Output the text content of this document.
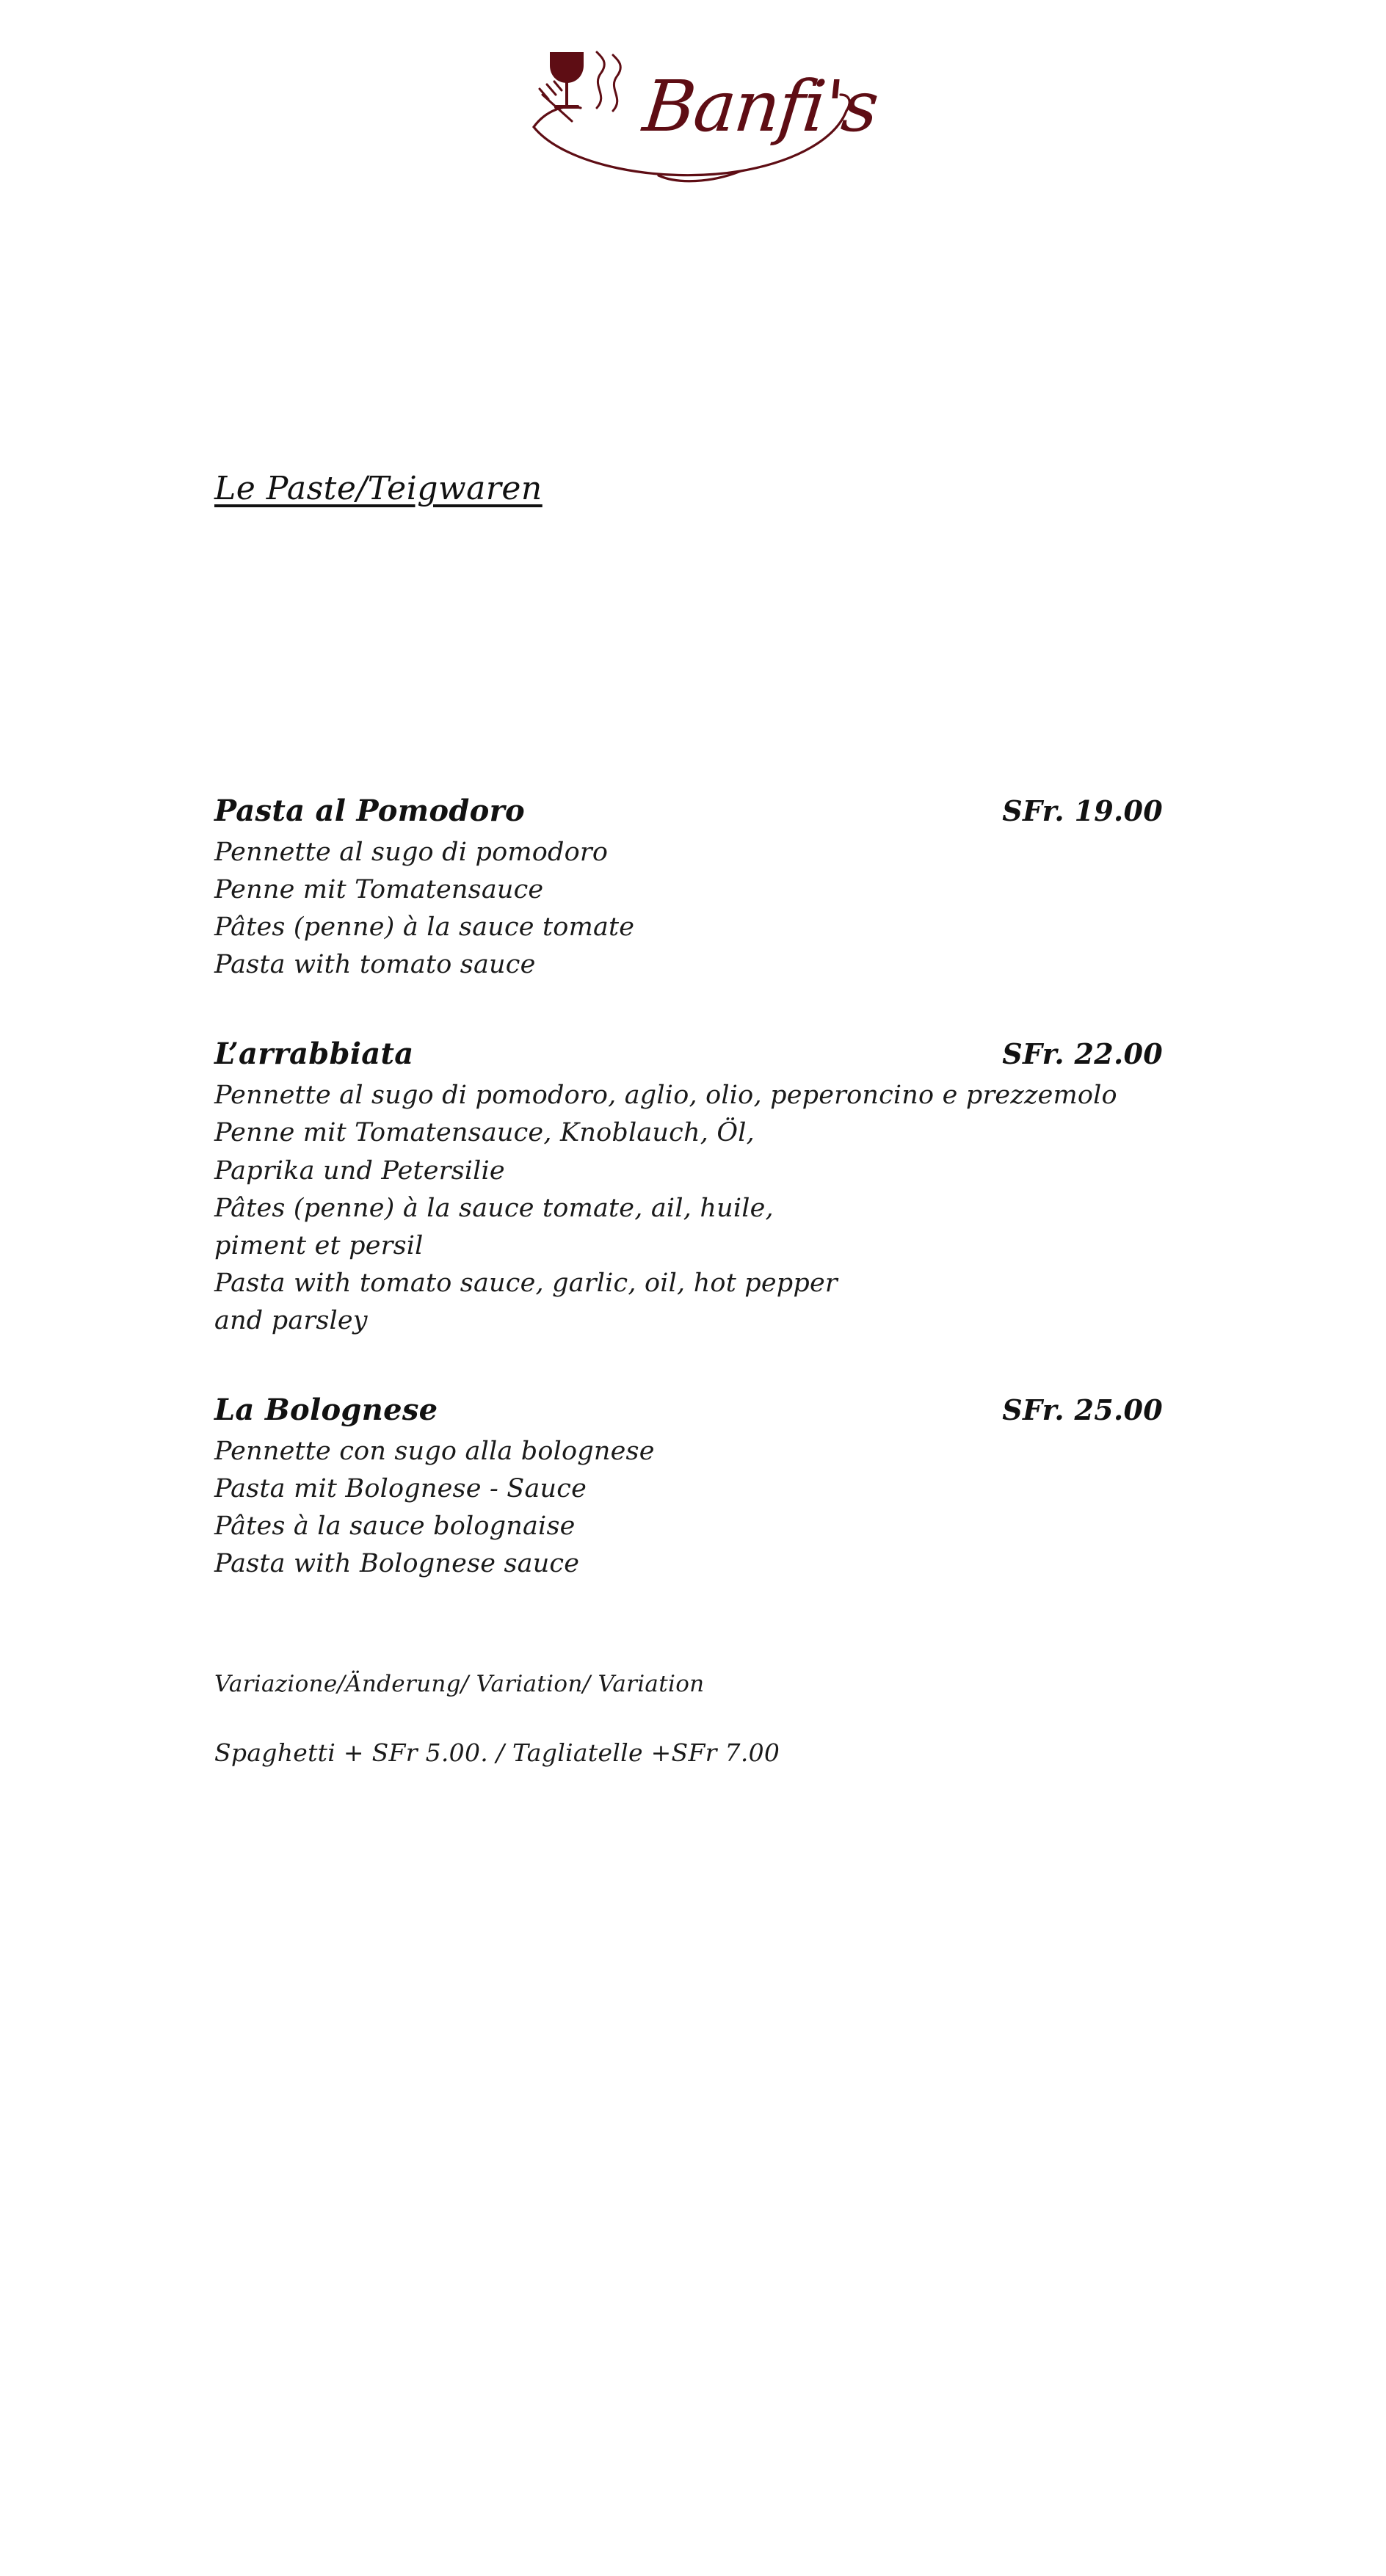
Banfi's
Le Paste/Teigwaren
Pasta al Pomodoro	SFr. 19.00
Pennette al sugo di pomodoro
Penne mit Tomatensauce
Pâtes (penne) à la sauce tomate
Pasta with tomato sauce
L’arrabbiata	SFr. 22.00
Pennette al sugo di pomodoro, aglio, olio, peperoncino e prezzemolo
Penne mit Tomatensauce, Knoblauch, Öl,
Paprika und Petersilie
Pâtes (penne) à la sauce tomate, ail, huile,
piment et persil
Pasta with tomato sauce, garlic, oil, hot pepper
and parsley
La Bolognese	SFr. 25.00
Pennette con sugo alla bolognese
Pasta mit Bolognese - Sauce
Pâtes à la sauce bolognaise
Pasta with Bolognese sauce
Variazione/Änderung/ Variation/ Variation
Spaghetti + SFr 5.00. / Tagliatelle +SFr 7.00
